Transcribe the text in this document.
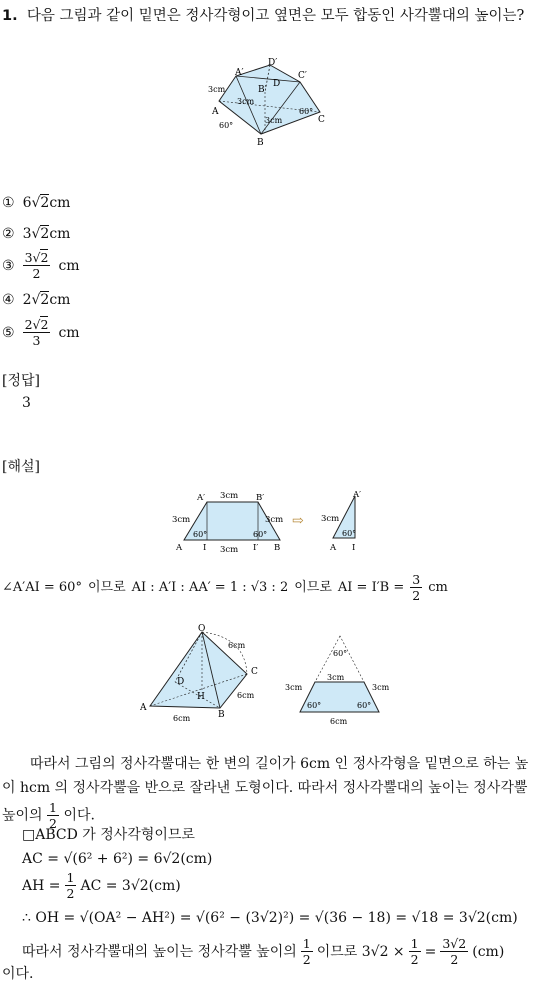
1. 다음 그림과 같이 밑면은 정사각형이고 옆면은 모두 합동인 사각뿔대의 높이는?
A′
D′
C′
D
B′
3cm
3cm
3cm
A
60°
60°
C
B
① 6√2cm
② 3√2cm
③ $\frac{3√2}{2}$ cm
④ 2√2cm
⑤ $\frac{2√2}{3}$ cm
[정답]
3
[해설]
A′ 3cm B′
3cm	3cm
60°	60°
A I 3cm I′ B
⇨
A′
3cm
60°
A I
∠A′AI = 60° 이므로 AI : A′I : AA′ = 1 : √3 : 2 이므로 AI = $I'B = \frac{3}{2}$ cm
O
6cm
C
D
H	6cm
A
B
6cm
60°
3cm
3cm	3cm
60°	60°
6cm
따라서 그림의 정사각뿔대는 한 변의 길이가 6cm 인 정사각형을 밑면으로 하는 높이 hcm 의 정사각뿔을 반으로 잘라낸 도형이다. 따라서 정사각뿔대의 높이는 정사각뿔 높이의 $\frac{1}{2}$ 이다.
□ABCD 가 정사각형이므로
AC = √(6² + 6²) = 6√2(cm)
AH = $\frac{1}{2}$ AC = 3√2(cm)
∴ OH = √(OA² − AH²) = √(6² − (3√2)²) = √(36 − 18) = √18 = 3√2(cm)
따라서 정사각뿔대의 높이는 정사각뿔 높이의 $\frac{1}{2}$ 이므로 $3√2 \times \frac{1}{2} = \frac{3√2}{2} (cm)$
이다.
